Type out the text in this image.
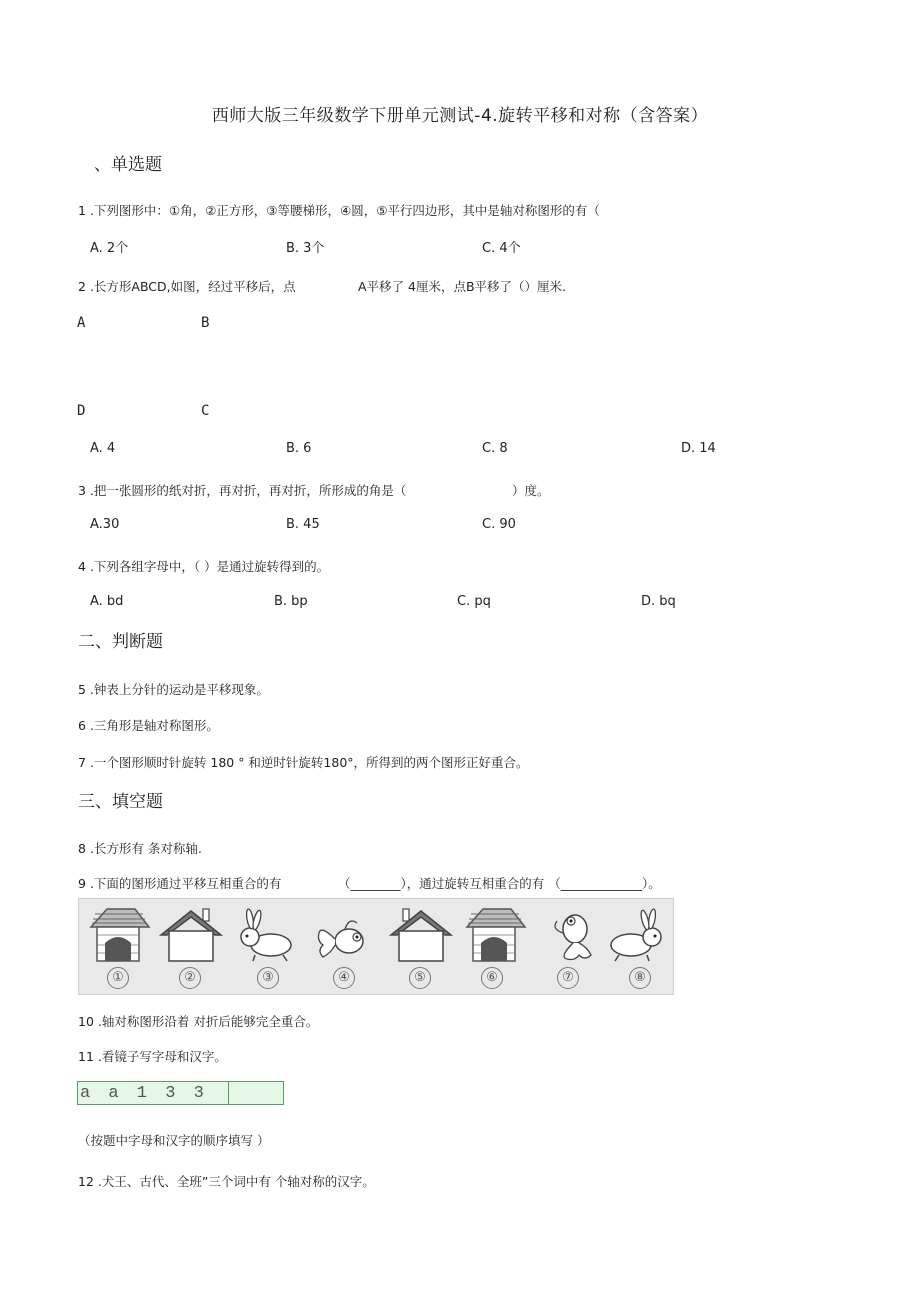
西师大版三年级数学下册单元测试-4.旋转平移和对称（含答案）
、单选题
1 .下列图形中：①角，②正方形，③等腰梯形，④圆，⑤平行四边形，其中是轴对称图形的有（
A. 2个	B. 3个	C. 4个
2 .长方形ABCD,如图，经过平移后，点	A平移了 4厘米，点B平移了（）厘米.
A	B
D	C
A. 4	B. 6	C. 8	D. 14
3 .把一张圆形的纸对折，再对折，再对折，所形成的角是（	）度。
A.30	B. 45	C. 90
4 .下列各组字母中，（ ）是通过旋转得到的。
A. bd	B. bp	C. pq	D. bq
二、判断题
5 .钟表上分针的运动是平移现象。
6 .三角形是轴对称图形。
7 .一个图形顺时针旋转 180 ° 和逆时针旋转180°，所得到的两个图形正好重合。
三、填空题
8 .长方形有 条对称轴.
9 .下面的图形通过平移互相重合的有	（________），通过旋转互相重合的有 （_____________）。
①	②	③	④	⑤	⑥	⑦	⑧
10 .轴对称图形沿着 对折后能够完全重合。
11 .看镜子写字母和汉字。
a a 1 3 3	
（按题中字母和汉字的顺序填写 ）
12 .犬王、古代、全班”三个词中有 个轴对称的汉字。
